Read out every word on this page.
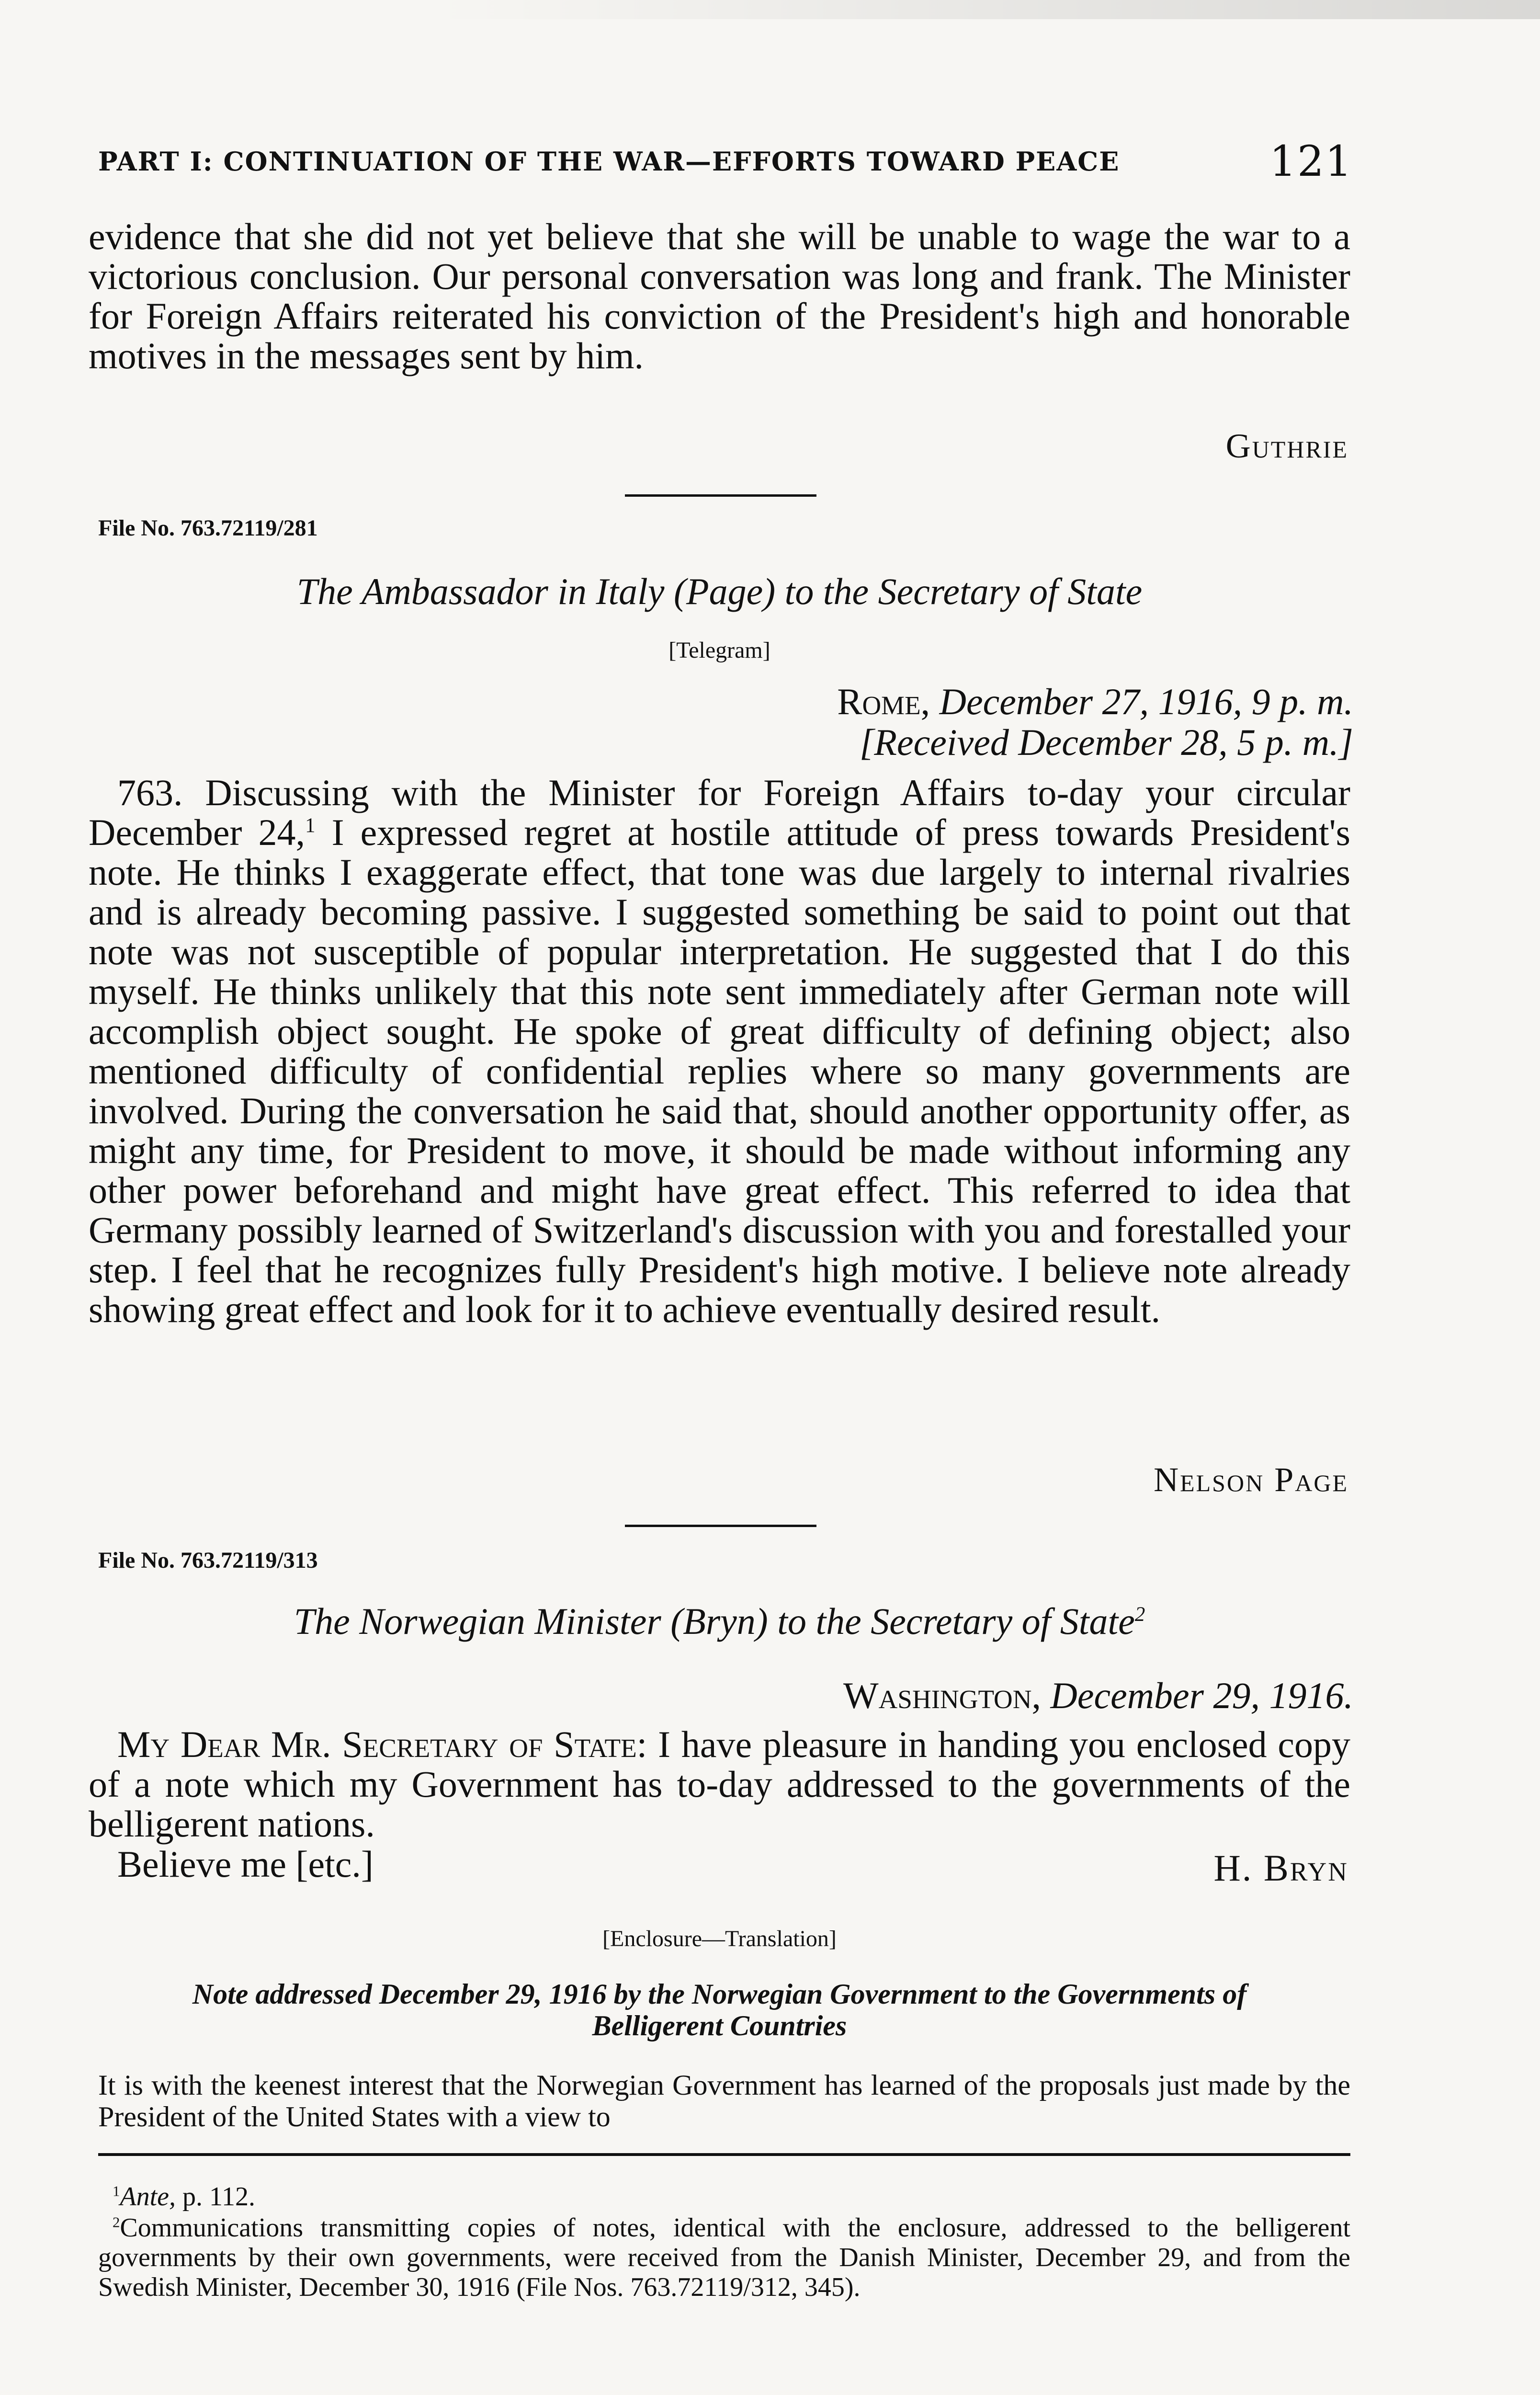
PART I: CONTINUATION OF THE WAR—EFFORTS TOWARD PEACE	121
evidence that she did not yet believe that she will be unable to wage the war to a victorious conclusion. Our personal conversation was long and frank. The Minister for Foreign Affairs reiterated his conviction of the President's high and honorable motives in the messages sent by him.
Guthrie
File No. 763.72119/281
The Ambassador in Italy (Page) to the Secretary of State
[Telegram]
Rome, December 27, 1916, 9 p. m.
[Received December 28, 5 p. m.]
763. Discussing with the Minister for Foreign Affairs to-day your circular December 24,$^1$ I expressed regret at hostile attitude of press towards President's note. He thinks I exaggerate effect, that tone was due largely to internal rivalries and is already becoming passive. I suggested something be said to point out that note was not susceptible of popular interpretation. He suggested that I do this myself. He thinks unlikely that this note sent immediately after German note will accomplish object sought. He spoke of great difficulty of defining object; also mentioned difficulty of confidential replies where so many governments are involved. During the conversation he said that, should another opportunity offer, as might any time, for President to move, it should be made without informing any other power beforehand and might have great effect. This referred to idea that Germany possibly learned of Switzerland's discussion with you and forestalled your step. I feel that he recognizes fully President's high motive. I believe note already showing great effect and look for it to achieve eventually desired result.
Nelson Page
File No. 763.72119/313
The Norwegian Minister (Bryn) to the Secretary of State$^2$
Washington, December 29, 1916.
My Dear Mr. Secretary of State: I have pleasure in handing you enclosed copy of a note which my Government has to-day addressed to the governments of the belligerent nations.
Believe me [etc.]	H. Bryn
[Enclosure—Translation]
Note addressed December 29, 1916 by the Norwegian Government to the Governments of Belligerent Countries
It is with the keenest interest that the Norwegian Government has learned of the proposals just made by the President of the United States with a view to
$^1$Ante, p. 112.
$^2$Communications transmitting copies of notes, identical with the enclosure, addressed to the belligerent governments by their own governments, were received from the Danish Minister, December 29, and from the Swedish Minister, December 30, 1916 (File Nos. 763.72119/312, 345).
